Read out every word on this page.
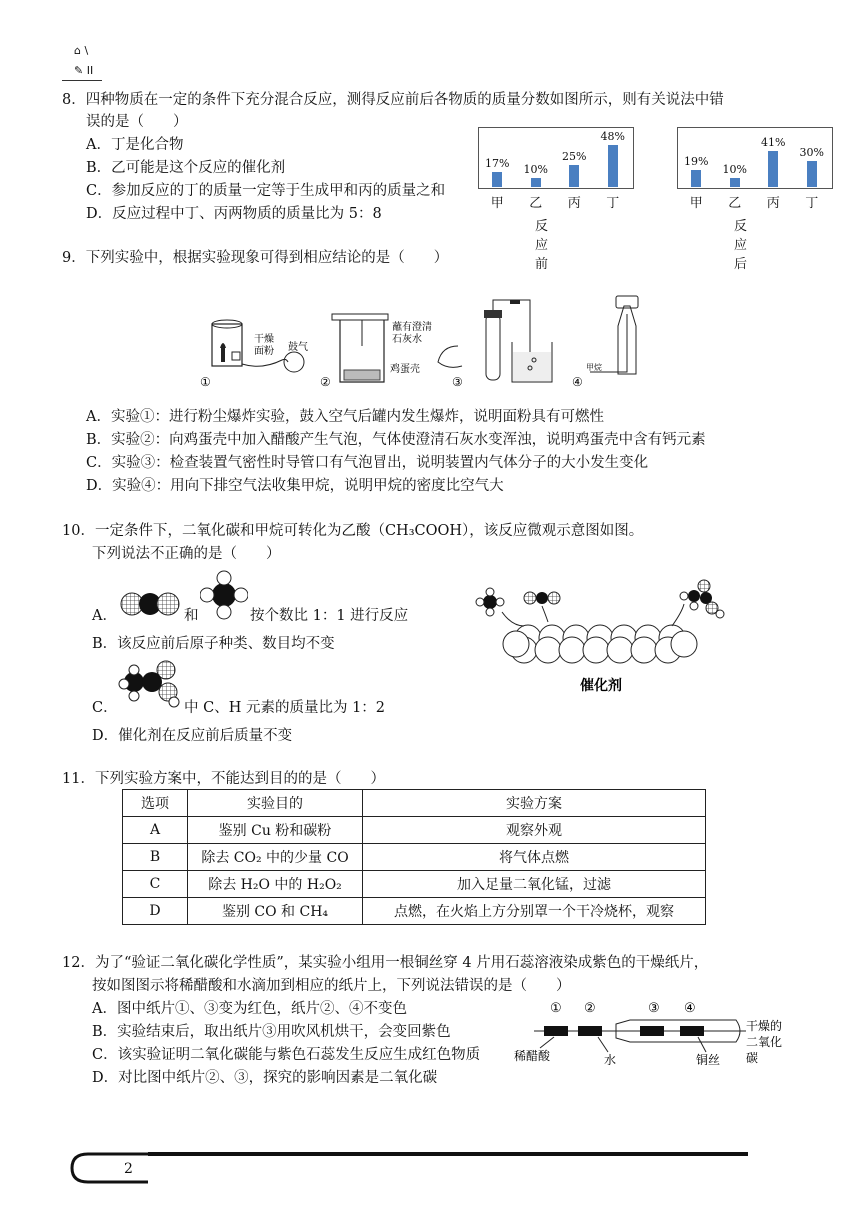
⌂ \
✎ II
8．四种物质在一定的条件下充分混合反应，测得反应前后各物质的质量分数如图所示，则有关说法中错
误的是（　　）
A．丁是化合物
B．乙可能是这个反应的催化剂
C．参加反应的丁的质量一定等于生成甲和丙的质量之和
D．反应过程中丁、丙两物质的质量比为 5：8
17%
甲
10%
乙
25%
丙
48%
丁
反应前
19%
甲
10%
乙
41%
丙
30%
丁
反应后
9．下列实验中，根据实验现象可得到相应结论的是（　　）
干燥
面粉 鼓气
①
蘸有澄清
石灰水
鸡蛋壳
②	③
甲烷
④
A．实验①：进行粉尘爆炸实验，鼓入空气后罐内发生爆炸，说明面粉具有可燃性
B．实验②：向鸡蛋壳中加入醋酸产生气泡，气体使澄清石灰水变浑浊，说明鸡蛋壳中含有钙元素
C．实验③：检查装置气密性时导管口有气泡冒出，说明装置内气体分子的大小发生变化
D．实验④：用向下排空气法收集甲烷，说明甲烷的密度比空气大
10．一定条件下，二氧化碳和甲烷可转化为乙酸（CH₃COOH），该反应微观示意图如图。
下列说法不正确的是（　　）
A．	和	按个数比 1：1 进行反应
B．该反应前后原子种类、数目均不变
C．	中 C、H 元素的质量比为 1：2
D．催化剂在反应前后质量不变
催化剂
11．下列实验方案中，不能达到目的的是（　　）
选项	实验目的	实验方案
A	鉴别 Cu 粉和碳粉	观察外观
B	除去 CO₂ 中的少量 CO	将气体点燃
C	除去 H₂O 中的 H₂O₂	加入足量二氧化锰，过滤
D	鉴别 CO 和 CH₄	点燃，在火焰上方分别罩一个干冷烧杯，观察
12．为了“验证二氧化碳化学性质”，某实验小组用一根铜丝穿 4 片用石蕊溶液染成紫色的干燥纸片，
按如图图示将稀醋酸和水滴加到相应的纸片上，下列说法错误的是（　　）
A．图中纸片①、③变为红色，纸片②、④不变色
B．实验结束后，取出纸片③用吹风机烘干，会变回紫色
C．该实验证明二氧化碳能与紫色石蕊发生反应生成红色物质
D．对比图中纸片②、③，探究的影响因素是二氧化碳
① ②	③ ④
稀醋酸	水	铜丝
干燥的
二氧化
碳
2
